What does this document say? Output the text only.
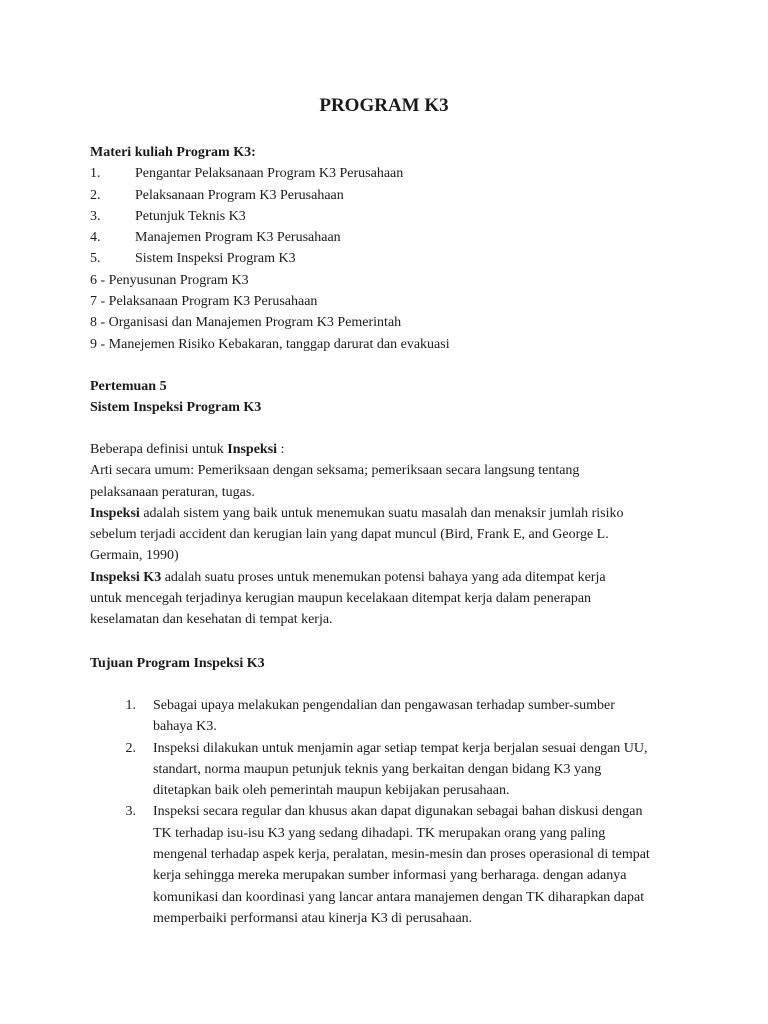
PROGRAM K3
Materi kuliah Program K3:
1.	Pengantar Pelaksanaan Program K3 Perusahaan
2.	Pelaksanaan Program K3 Perusahaan
3.	Petunjuk Teknis K3
4.	Manajemen Program K3 Perusahaan
5.	Sistem Inspeksi Program K3
6 - Penyusunan Program K3
7 - Pelaksanaan Program K3 Perusahaan
8 - Organisasi dan Manajemen Program K3 Pemerintah
9 - Manejemen Risiko Kebakaran, tanggap darurat dan evakuasi
Pertemuan 5
Sistem Inspeksi Program K3
Beberapa definisi untuk Inspeksi :
Arti secara umum: Pemeriksaan dengan seksama; pemeriksaan secara langsung tentang
pelaksanaan peraturan, tugas.
Inspeksi adalah sistem yang baik untuk menemukan suatu masalah dan menaksir jumlah risiko
sebelum terjadi accident dan kerugian lain yang dapat muncul (Bird, Frank E, and George L.
Germain, 1990)
Inspeksi K3 adalah suatu proses untuk menemukan potensi bahaya yang ada ditempat kerja
untuk mencegah terjadinya kerugian maupun kecelakaan ditempat kerja dalam penerapan
keselamatan dan kesehatan di tempat kerja.
Tujuan Program Inspeksi K3
1. Sebagai upaya melakukan pengendalian dan pengawasan terhadap sumber-sumber
bahaya K3.
2. Inspeksi dilakukan untuk menjamin agar setiap tempat kerja berjalan sesuai dengan UU,
standart, norma maupun petunjuk teknis yang berkaitan dengan bidang K3 yang
ditetapkan baik oleh pemerintah maupun kebijakan perusahaan.
3. Inspeksi secara regular dan khusus akan dapat digunakan sebagai bahan diskusi dengan
TK terhadap isu-isu K3 yang sedang dihadapi. TK merupakan orang yang paling
mengenal terhadap aspek kerja, peralatan, mesin-mesin dan proses operasional di tempat
kerja sehingga mereka merupakan sumber informasi yang berharaga. dengan adanya
komunikasi dan koordinasi yang lancar antara manajemen dengan TK diharapkan dapat
memperbaiki performansi atau kinerja K3 di perusahaan.
